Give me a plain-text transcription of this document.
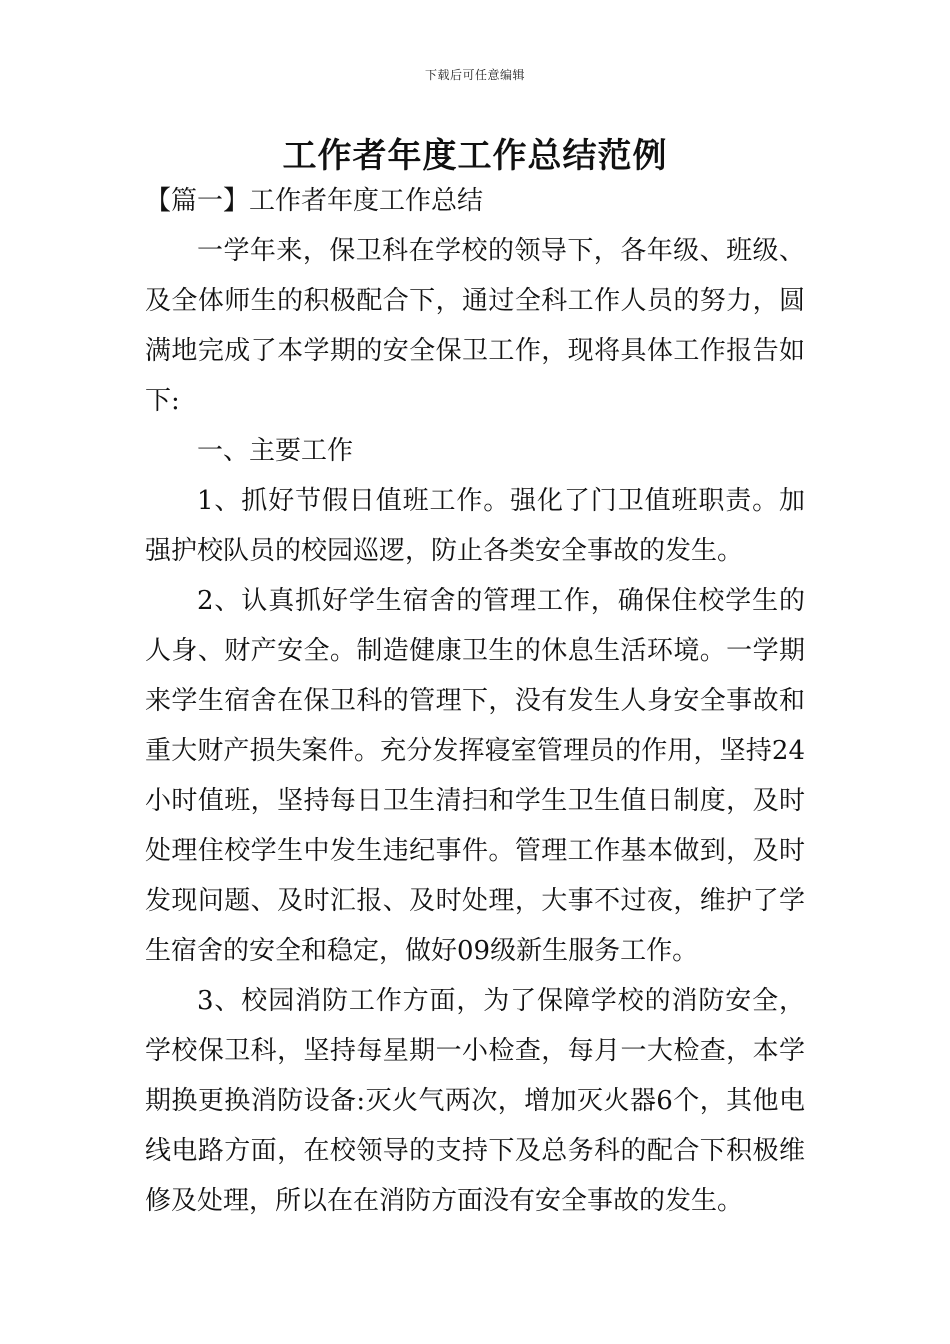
下载后可任意编辑
工作者年度工作总结范例
【篇一】工作者年度工作总结

一学年来，保卫科在学校的领导下，各年级、班级、及全体师生的积极配合下，通过全科工作人员的努力，圆满地完成了本学期的安全保卫工作，现将具体工作报告如下:

一、主要工作

1、抓好节假日值班工作。强化了门卫值班职责。加强护校队员的校园巡逻，防止各类安全事故的发生。

2、认真抓好学生宿舍的管理工作，确保住校学生的人身、财产安全。制造健康卫生的休息生活环境。一学期来学生宿舍在保卫科的管理下，没有发生人身安全事故和重大财产损失案件。充分发挥寝室管理员的作用，坚持24小时值班，坚持每日卫生清扫和学生卫生值日制度，及时处理住校学生中发生违纪事件。管理工作基本做到，及时发现问题、及时汇报、及时处理，大事不过夜，维护了学生宿舍的安全和稳定，做好09级新生服务工作。

3、校园消防工作方面，为了保障学校的消防安全，学校保卫科，坚持每星期一小检查，每月一大检查，本学期换更换消防设备:灭火气两次，增加灭火器6个，其他电线电路方面，在校领导的支持下及总务科的配合下积极维修及处理，所以在在消防方面没有安全事故的发生。
